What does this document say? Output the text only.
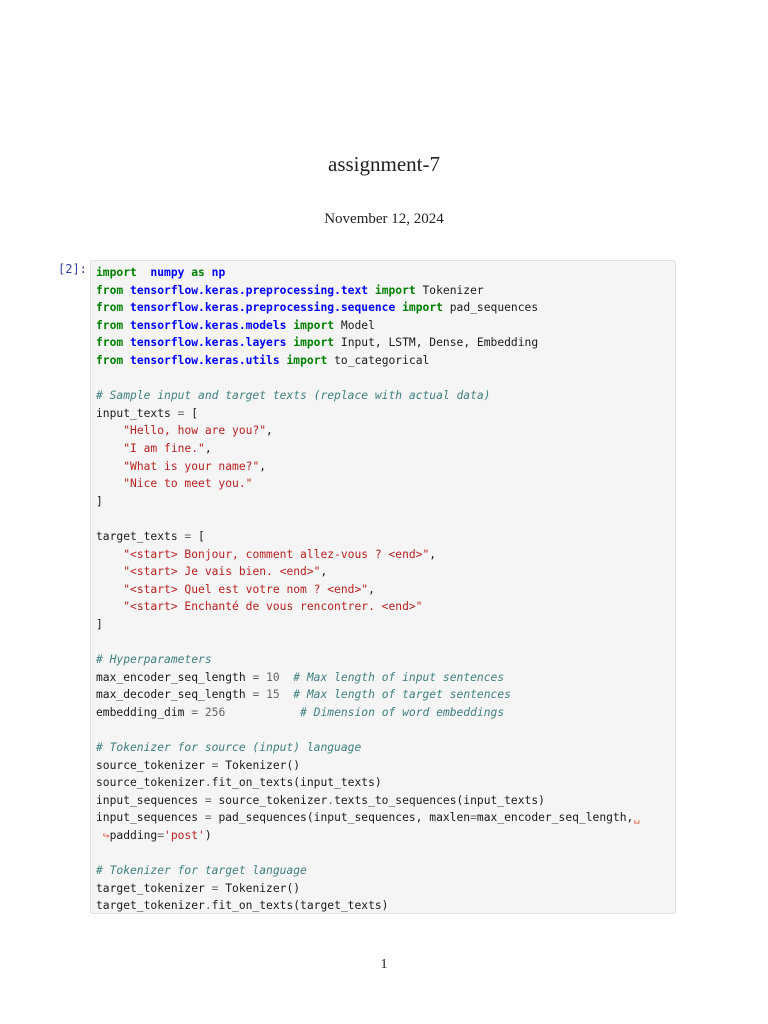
assignment-7
November 12, 2024
[2]: import numpy as np
from tensorflow.keras.preprocessing.text import Tokenizer
from tensorflow.keras.preprocessing.sequence import pad_sequences
from tensorflow.keras.models import Model
from tensorflow.keras.layers import Input, LSTM, Dense, Embedding
from tensorflow.keras.utils import to_categorical
# Sample input and target texts (replace with actual data)
input_texts = [
"Hello, how are you?",
"I am fine.",
"What is your name?",
"Nice to meet you."
]
target_texts = [
"<start> Bonjour, comment allez-vous ? <end>",
"<start> Je vais bien. <end>",
"<start> Quel est votre nom ? <end>",
"<start> Enchanté de vous rencontrer. <end>"
]
# Hyperparameters
max_encoder_seq_length = 10 # Max length of input sentences
max_decoder_seq_length = 15 # Max length of target sentences
embedding_dim = 256	# Dimension of word embeddings
# Tokenizer for source (input) language
source_tokenizer = Tokenizer()
source_tokenizer.fit_on_texts(input_texts)
input_sequences = source_tokenizer.texts_to_sequences(input_texts)
input_sequences = pad_sequences(input_sequences, maxlen=max_encoder_seq_length,␣
↪padding='post')
# Tokenizer for target language
target_tokenizer = Tokenizer()
target_tokenizer.fit_on_texts(target_texts)
1
